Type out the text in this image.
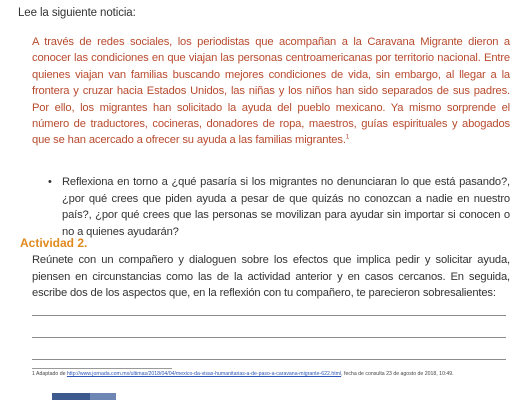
Lee la siguiente noticia:
A través de redes sociales, los periodistas que acompañan a la Caravana Migrante dieron a conocer las condiciones en que viajan las personas centroamericanas por territorio nacional. Entre quienes viajan van familias buscando mejores condiciones de vida, sin embargo, al llegar a la frontera y cruzar hacia Estados Unidos, las niñas y los niños han sido separados de sus padres. Por ello, los migrantes han solicitado la ayuda del pueblo mexicano. Ya mismo sorprende el número de traductores, cocineras, donadores de ropa, maestros, guías espirituales y abogados que se han acercado a ofrecer su ayuda a las familias migrantes.$^1$
• Reflexiona en torno a ¿qué pasaría si los migrantes no denunciaran lo que está pasando?, ¿por qué crees que piden ayuda a pesar de que quizás no conozcan a nadie en nuestro país?, ¿por qué crees que las personas se movilizan para ayudar sin importar si conocen o no a quienes ayudarán?
Actividad 2.
Reúnete con un compañero y dialoguen sobre los efectos que implica pedir y solicitar ayuda, piensen en circunstancias como las de la actividad anterior y en casos cercanos. En seguida, escribe dos de los aspectos que, en la reflexión con tu compañero, te parecieron sobresalientes:
1 Adaptado de http://www.jornada.com.mx/ultimas/2018/04/04/mexico-da-visas-humanitarias-a-de-paso-a-caravana-migrante-622.html, fecha de consulta 23 de agosto de 2018, 10:49.
